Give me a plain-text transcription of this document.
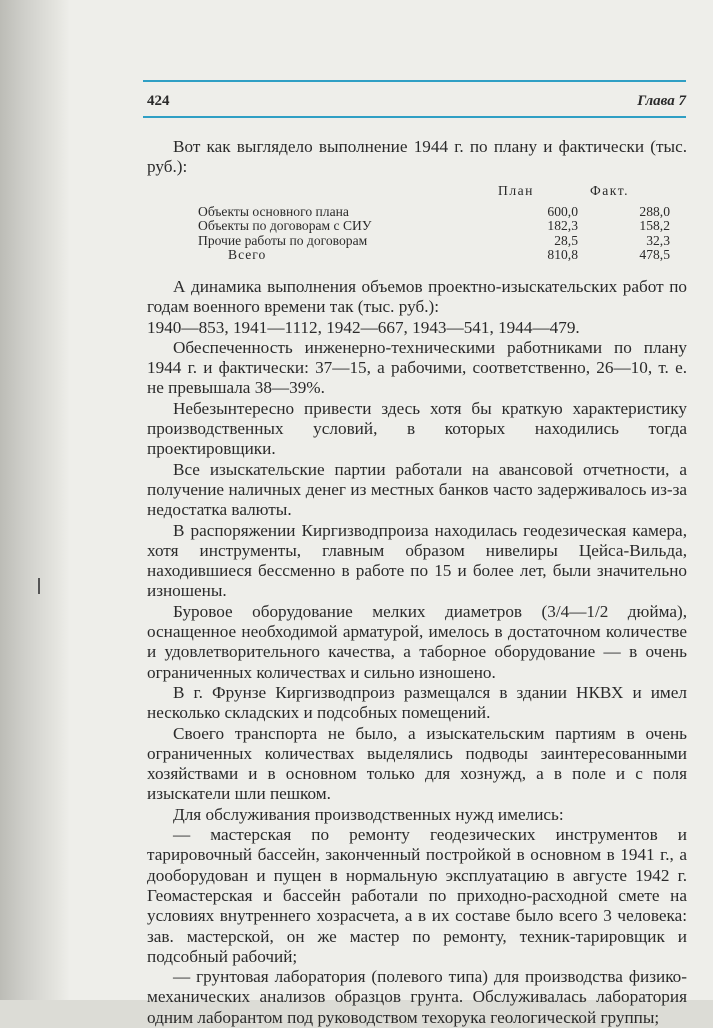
424	Глава 7

Вот как выглядело выполнение 1944 г. по плану и фактически (тыс. руб.):

	План	Факт.
Объекты основного плана	600,0	288,0
Объекты по договорам с СИУ	182,3	158,2
Прочие работы по договорам	28,5	32,3
Всего	810,8	478,5

А динамика выполнения объемов проектно-изыскательских работ по годам военного времени так (тыс. руб.):

1940—853, 1941—1112, 1942—667, 1943—541, 1944—479.

Обеспеченность инженерно-техническими работниками по плану 1944 г. и фактически: 37—15, а рабочими, соответственно, 26—10, т. е. не превышала 38—39%.

Небезынтересно привести здесь хотя бы краткую характеристику производственных условий, в которых находились тогда проектировщики.

Все изыскательские партии работали на авансовой отчетности, а получение наличных денег из местных банков часто задерживалось из-за недостатка валюты.

В распоряжении Киргизводпроиза находилась геодезическая камера, хотя инструменты, главным образом нивелиры Цейса-Вильда, находившиеся бессменно в работе по 15 и более лет, были значительно изношены.

Буровое оборудование мелких диаметров (3/4—1/2 дюйма), оснащенное необходимой арматурой, имелось в достаточном количестве и удовлетворительного качества, а таборное оборудование — в очень ограниченных количествах и сильно изношено.

В г. Фрунзе Киргизводпроиз размещался в здании НКВХ и имел несколько складских и подсобных помещений.

Своего транспорта не было, а изыскательским партиям в очень ограниченных количествах выделялись подводы заинтересованными хозяйствами и в основном только для хознужд, а в поле и с поля изыскатели шли пешком.

Для обслуживания производственных нужд имелись:

— мастерская по ремонту геодезических инструментов и тарировочный бассейн, законченный постройкой в основном в 1941 г., а дооборудован и пущен в нормальную эксплуатацию в августе 1942 г. Геомастерская и бассейн работали по приходно-расходной смете на условиях внутреннего хозрасчета, а в их составе было всего 3 человека: зав. мастерской, он же мастер по ремонту, техник-тарировщик и подсобный рабочий;

— грунтовая лаборатория (полевого типа) для производства физико-механических анализов образцов грунта. Обслуживалась лаборатория одним лаборантом под руководством техорука геологической группы;
